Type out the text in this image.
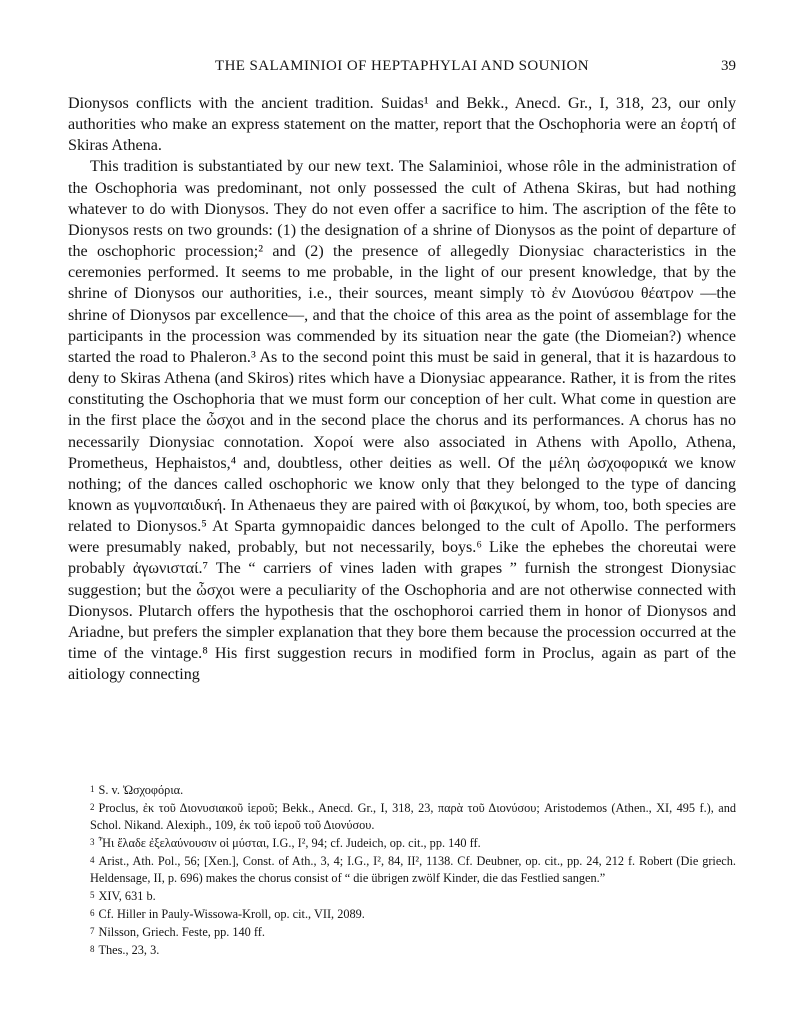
THE SALAMINIOI OF HEPTAPHYLAI AND SOUNION	39

Dionysos conflicts with the ancient tradition. Suidas¹ and Bekk., Anecd. Gr., I, 318, 23, our only authorities who make an express statement on the matter, report that the Oschophoria were an ἑορτή of Skiras Athena.

This tradition is substantiated by our new text. The Salaminioi, whose rôle in the administration of the Oschophoria was predominant, not only possessed the cult of Athena Skiras, but had nothing whatever to do with Dionysos. They do not even offer a sacrifice to him. The ascription of the fête to Dionysos rests on two grounds: (1) the designation of a shrine of Dionysos as the point of departure of the oschophoric procession;² and (2) the presence of allegedly Dionysiac characteristics in the ceremonies performed. It seems to me probable, in the light of our present knowledge, that by the shrine of Dionysos our authorities, i.e., their sources, meant simply τὸ ἐν Διονύσου θέατρον —the shrine of Dionysos par excellence—, and that the choice of this area as the point of assemblage for the participants in the procession was commended by its situation near the gate (the Diomeian?) whence started the road to Phaleron.³ As to the second point this must be said in general, that it is hazardous to deny to Skiras Athena (and Skiros) rites which have a Dionysiac appearance. Rather, it is from the rites constituting the Oschophoria that we must form our conception of her cult. What come in question are in the first place the ὦσχοι and in the second place the chorus and its performances. A chorus has no necessarily Dionysiac connotation. Χοροί were also associated in Athens with Apollo, Athena, Prometheus, Hephaistos,⁴ and, doubtless, other deities as well. Of the μέλη ὠσχοφορικά we know nothing; of the dances called oschophoric we know only that they belonged to the type of dancing known as γυμνοπαιδική. In Athenaeus they are paired with οἱ βακχικοί, by whom, too, both species are related to Dionysos.⁵ At Sparta gymnopaidic dances belonged to the cult of Apollo. The performers were presumably naked, probably, but not necessarily, boys.⁶ Like the ephebes the choreutai were probably ἀγωνισταί.⁷ The “ carriers of vines laden with grapes ” furnish the strongest Dionysiac suggestion; but the ὦσχοι were a peculiarity of the Oschophoria and are not otherwise connected with Dionysos. Plutarch offers the hypothesis that the oschophoroi carried them in honor of Dionysos and Ariadne, but prefers the simpler explanation that they bore them because the procession occurred at the time of the vintage.⁸ His first suggestion recurs in modified form in Proclus, again as part of the aitiology connecting

1 S. v. Ὠσχοφόρια.

2 Proclus, ἐκ τοῦ Διονυσιακοῦ ἱεροῦ; Bekk., Anecd. Gr., I, 318, 23, παρὰ τοῦ Διονύσου; Aristodemos (Athen., XI, 495 f.), and Schol. Nikand. Alexiph., 109, ἐκ τοῦ ἱεροῦ τοῦ Διονύσου.

3 Ἦι ἔλαδε ἐξελαύνουσιν οἱ μύσται, I.G., I², 94; cf. Judeich, op. cit., pp. 140 ff.

4 Arist., Ath. Pol., 56; [Xen.], Const. of Ath., 3, 4; I.G., I², 84, II², 1138. Cf. Deubner, op. cit., pp. 24, 212 f. Robert (Die griech. Heldensage, II, p. 696) makes the chorus consist of “ die übrigen zwölf Kinder, die das Festlied sangen.”

5 XIV, 631 b.

6 Cf. Hiller in Pauly-Wissowa-Kroll, op. cit., VII, 2089.

7 Nilsson, Griech. Feste, pp. 140 ff.

8 Thes., 23, 3.
